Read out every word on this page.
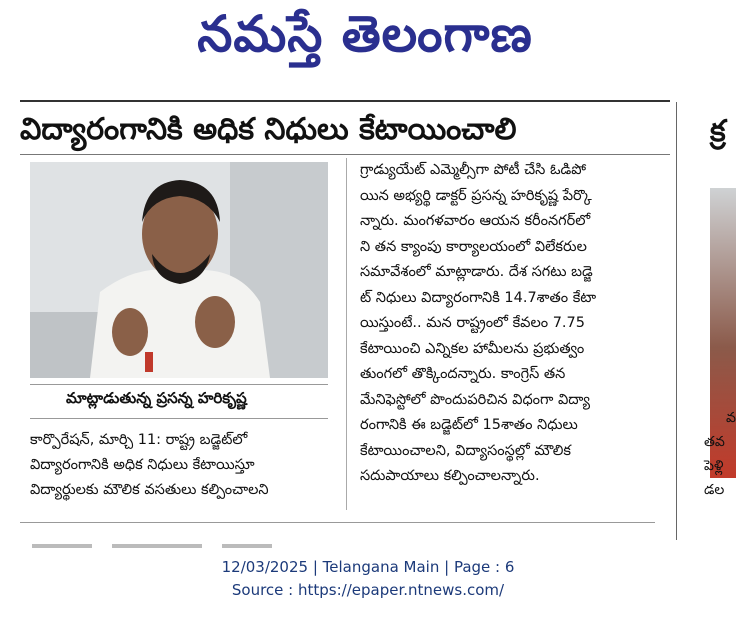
నమస్తే తెలంగాణ
విద్యారంగానికి అధిక నిధులు కేటాయించాలి
మాట్లాడుతున్న ప్రసన్న హరికృష్ణ
కార్పొరేషన్, మార్చి 11: రాష్ట్ర బడ్జెట్‌లో
విద్యారంగానికి అధిక నిధులు కేటాయిస్తూ
విద్యార్థులకు మౌలిక వసతులు కల్పించాలని
గ్రాడ్యుయేట్ ఎమ్మెల్సీగా పోటీ చేసి ఓడిపో
యిన అభ్యర్థి డాక్టర్ ప్రసన్న హరికృష్ణ పేర్కొ
న్నారు. మంగళవారం ఆయన కరీంనగర్‌లో
ని తన క్యాంపు కార్యాలయంలో విలేకరుల
సమావేశంలో మాట్లాడారు. దేశ సగటు బడ్జె
ట్ నిధులు విద్యారంగానికి 14.7శాతం కేటా
యిస్తుంటే.. మన రాష్ట్రంలో కేవలం 7.75
కేటాయించి ఎన్నికల హామీలను ప్రభుత్వం
తుంగలో తొక్కిందన్నారు. కాంగ్రెస్ తన
మేనిఫెస్టోలో పొందుపరిచిన విధంగా విద్యా
రంగానికి ఈ బడ్జెట్‌లో 15శాతం నిధులు
కేటాయించాలని, విద్యాసంస్థల్లో మౌలిక
సదుపాయాలు కల్పించాలన్నారు.
క్ర
వ
తవ
పెళ్లి
డల
12/03/2025 | Telangana Main | Page : 6
Source : https://epaper.ntnews.com/
